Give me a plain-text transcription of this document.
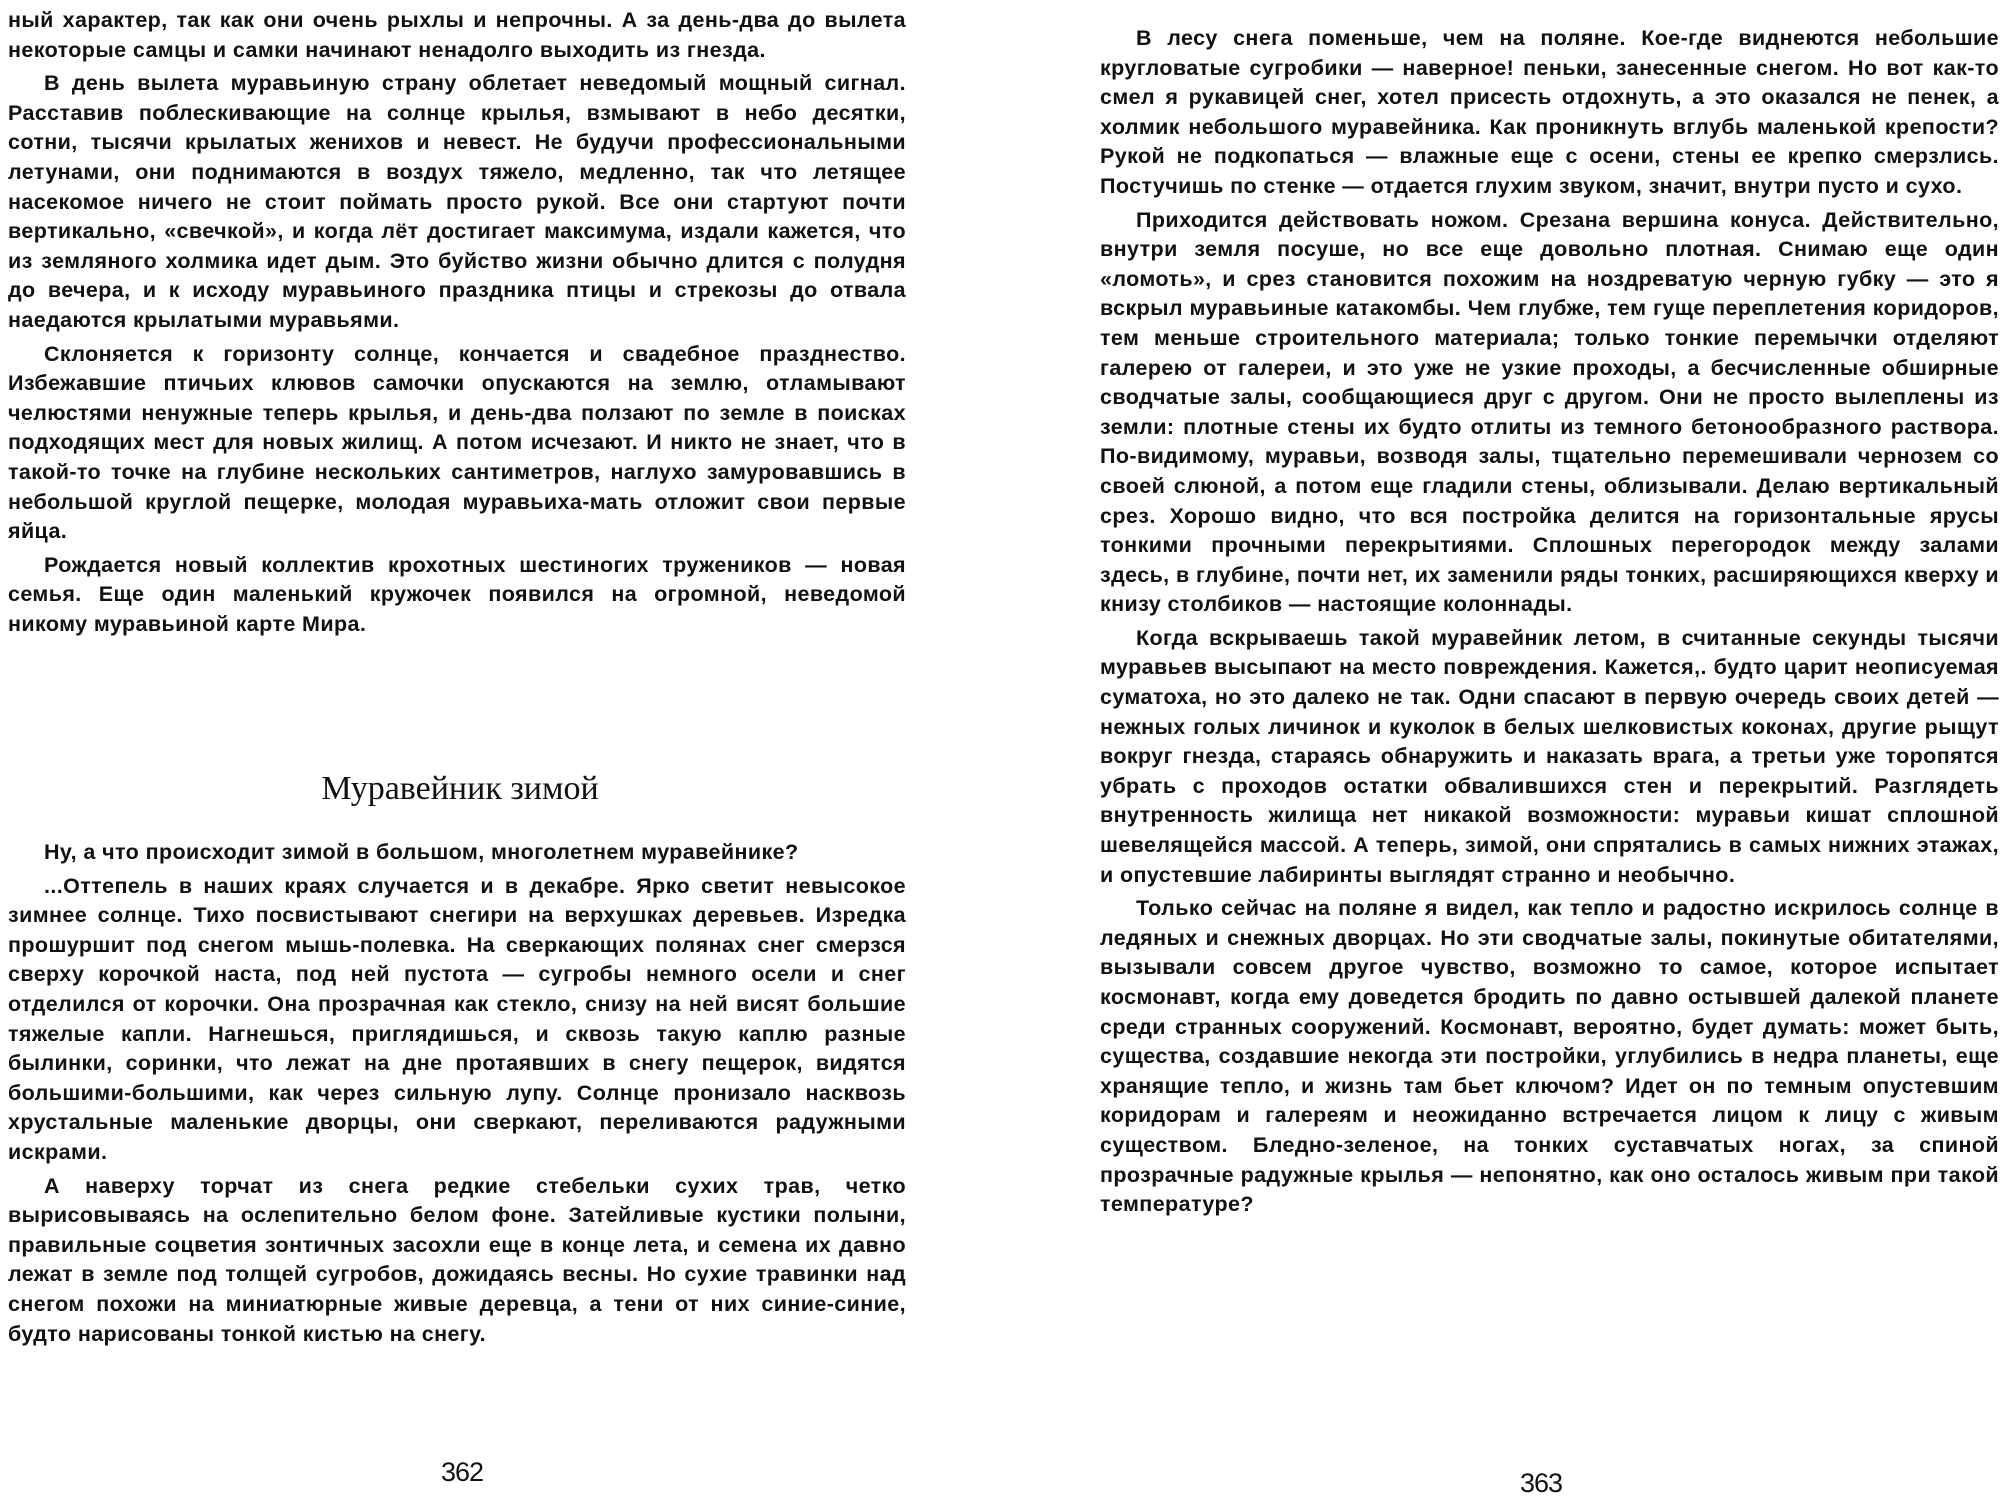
ный характер, так как они очень рыхлы и непрочны. А за день-два до вылета некоторые самцы и самки начинают ненадолго выходить из гнезда.

В день вылета муравьиную страну облетает неведомый мощный сигнал. Расставив поблескивающие на солнце крылья, взмывают в небо десятки, сотни, тысячи крылатых женихов и невест. Не будучи профессиональными летунами, они поднимаются в воздух тяжело, медленно, так что летящее насекомое ничего не стоит поймать просто рукой. Все они стартуют почти вертикально, «свечкой», и когда лёт достигает максимума, издали кажется, что из земляного холмика идет дым. Это буйство жизни обычно длится с полудня до вечера, и к исходу муравьиного праздника птицы и стрекозы до отвала наедаются крылатыми муравьями.

Склоняется к горизонту солнце, кончается и свадебное празднество. Избежавшие птичьих клювов самочки опускаются на землю, отламывают челюстями ненужные теперь крылья, и день-два ползают по земле в поисках подходящих мест для новых жилищ. А потом исчезают. И никто не знает, что в такой-то точке на глубине нескольких сантиметров, наглухо замуровавшись в небольшой круглой пещерке, молодая муравьиха-мать отложит свои первые яйца.

Рождается новый коллектив крохотных шестиногих тружеников — новая семья. Еще один маленький кружочек появился на огромной, неведомой никому муравьиной карте Мира.

Муравейник зимой

Ну, а что происходит зимой в большом, многолетнем муравейнике?

...Оттепель в наших краях случается и в декабре. Ярко светит невысокое зимнее солнце. Тихо посвистывают снегири на верхушках деревьев. Изредка прошуршит под снегом мышь-полевка. На сверкающих полянах снег смерзся сверху корочкой наста, под ней пустота — сугробы немного осели и снег отделился от корочки. Она прозрачная как стекло, снизу на ней висят большие тяжелые капли. Нагнешься, приглядишься, и сквозь такую каплю разные былинки, соринки, что лежат на дне протаявших в снегу пещерок, видятся большими-большими, как через сильную лупу. Солнце пронизало насквозь хрустальные маленькие дворцы, они сверкают, переливаются радужными искрами.

А наверху торчат из снега редкие стебельки сухих трав, четко вырисовываясь на ослепительно белом фоне. Затейливые кустики полыни, правильные соцветия зонтичных засохли еще в конце лета, и семена их давно лежат в земле под толщей сугробов, дожидаясь весны. Но сухие травинки над снегом похожи на миниатюрные живые деревца, а тени от них синие-синие, будто нарисованы тонкой кистью на снегу.

362

В лесу снега поменьше, чем на поляне. Кое-где виднеются небольшие кругловатые сугробики — наверное! пеньки, занесенные снегом. Но вот как-то смел я рукавицей снег, хотел присесть отдохнуть, а это оказался не пенек, а холмик небольшого муравейника. Как проникнуть вглубь маленькой крепости? Рукой не подкопаться — влажные еще с осени, стены ее крепко смерзлись. Постучишь по стенке — отдается глухим звуком, значит, внутри пусто и сухо.

Приходится действовать ножом. Срезана вершина конуса. Действительно, внутри земля посуше, но все еще довольно плотная. Снимаю еще один «ломоть», и срез становится похожим на ноздреватую черную губку — это я вскрыл муравьиные катакомбы. Чем глубже, тем гуще переплетения коридоров, тем меньше строительного материала; только тонкие перемычки отделяют галерею от галереи, и это уже не узкие проходы, а бесчисленные обширные сводчатые залы, сообщающиеся друг с другом. Они не просто вылеплены из земли: плотные стены их будто отлиты из темного бетонообразного раствора. По-видимому, муравьи, возводя залы, тщательно перемешивали чернозем со своей слюной, а потом еще гладили стены, облизывали. Делаю вертикальный срез. Хорошо видно, что вся постройка делится на горизонтальные ярусы тонкими прочными перекрытиями. Сплошных перегородок между залами здесь, в глубине, почти нет, их заменили ряды тонких, расширяющихся кверху и книзу столбиков — настоящие колоннады.

Когда вскрываешь такой муравейник летом, в считанные секунды тысячи муравьев высыпают на место повреждения. Кажется,. будто царит неописуемая суматоха, но это далеко не так. Одни спасают в первую очередь своих детей — нежных голых личинок и куколок в белых шелковистых коконах, другие рыщут вокруг гнезда, стараясь обнаружить и наказать врага, а третьи уже торопятся убрать с проходов остатки обвалившихся стен и перекрытий. Разглядеть внутренность жилища нет никакой возможности: муравьи кишат сплошной шевелящейся массой. А теперь, зимой, они спрятались в самых нижних этажах, и опустевшие лабиринты выглядят странно и необычно.

Только сейчас на поляне я видел, как тепло и радостно искрилось солнце в ледяных и снежных дворцах. Но эти сводчатые залы, покинутые обитателями, вызывали совсем другое чувство, возможно то самое, которое испытает космонавт, когда ему доведется бродить по давно остывшей далекой планете среди странных сооружений. Космонавт, вероятно, будет думать: может быть, существа, создавшие некогда эти постройки, углубились в недра планеты, еще хранящие тепло, и жизнь там бьет ключом? Идет он по темным опустевшим коридорам и галереям и неожиданно встречается лицом к лицу с живым существом. Бледно-зеленое, на тонких суставчатых ногах, за спиной прозрачные радужные крылья — непонятно, как оно осталось живым при такой температуре?

363
